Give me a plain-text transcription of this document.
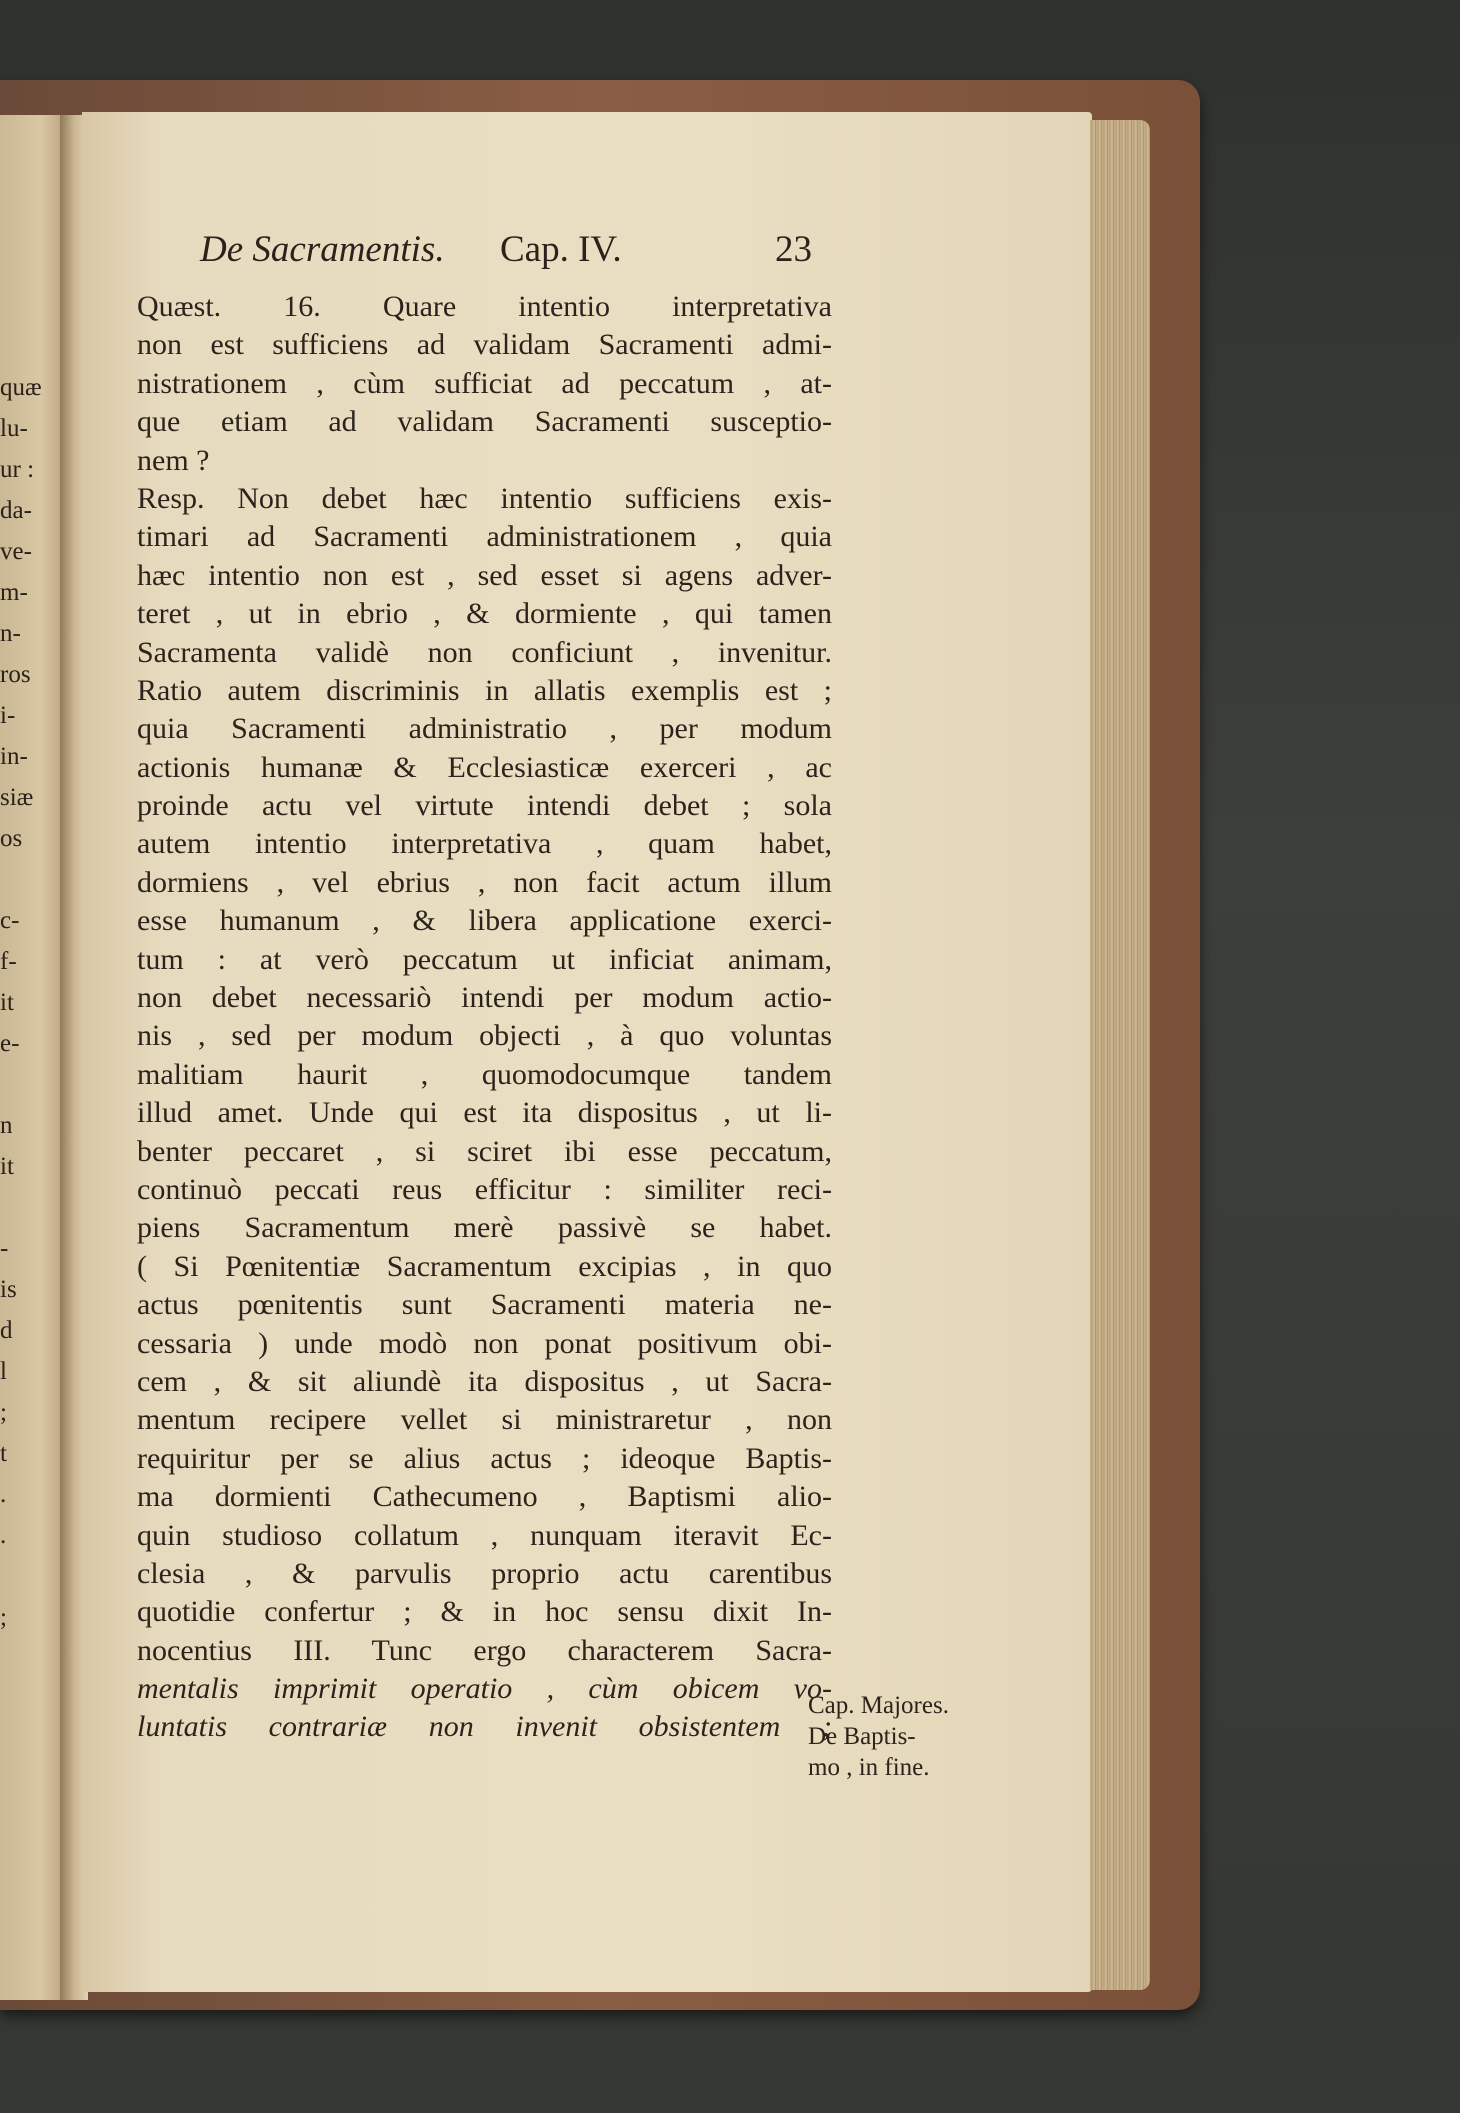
quæ
lu-
ur :
da-
ve-
m-
n-
ros
i-
in-
siæ
os
c-
f-
it
e-
n
it
-
is
d
l
;
t
.
.
;
De Sacramentis. Cap. IV.	23
Quæst. 16. Quare intentio interpretativa
non est sufficiens ad validam Sacramenti admi-
nistrationem , cùm sufficiat ad peccatum , at-
que etiam ad validam Sacramenti susceptio-
nem ?
Resp. Non debet hæc intentio sufficiens exis-
timari ad Sacramenti administrationem , quia
hæc intentio non est , sed esset si agens adver-
teret , ut in ebrio , & dormiente , qui tamen
Sacramenta validè non conficiunt , invenitur.
Ratio autem discriminis in allatis exemplis est ;
quia Sacramenti administratio , per modum
actionis humanæ & Ecclesiasticæ exerceri , ac
proinde actu vel virtute intendi debet ; sola
autem intentio interpretativa , quam habet,
dormiens , vel ebrius , non facit actum illum
esse humanum , & libera applicatione exerci-
tum : at verò peccatum ut inficiat animam,
non debet necessariò intendi per modum actio-
nis , sed per modum objecti , à quo voluntas
malitiam haurit , quomodocumque tandem
illud amet. Unde qui est ita dispositus , ut li-
benter peccaret , si sciret ibi esse peccatum,
continuò peccati reus efficitur : similiter reci-
piens Sacramentum merè passivè se habet.
( Si Pœnitentiæ Sacramentum excipias , in quo
actus pœnitentis sunt Sacramenti materia ne-
cessaria ) unde modò non ponat positivum obi-
cem , & sit aliundè ita dispositus , ut Sacra-
mentum recipere vellet si ministraretur , non
requiritur per se alius actus ; ideoque Baptis-
ma dormienti Cathecumeno , Baptismi alio-
quin studioso collatum , nunquam iteravit Ec-
clesia , & parvulis proprio actu carentibus
quotidie confertur ; & in hoc sensu dixit In-
nocentius III. Tunc ergo characterem Sacra-
mentalis imprimit operatio , cùm obicem vo-
luntatis contrariæ non invenit obsistentem ;
Cap. Majores.
De Baptis-
mo , in fine.
